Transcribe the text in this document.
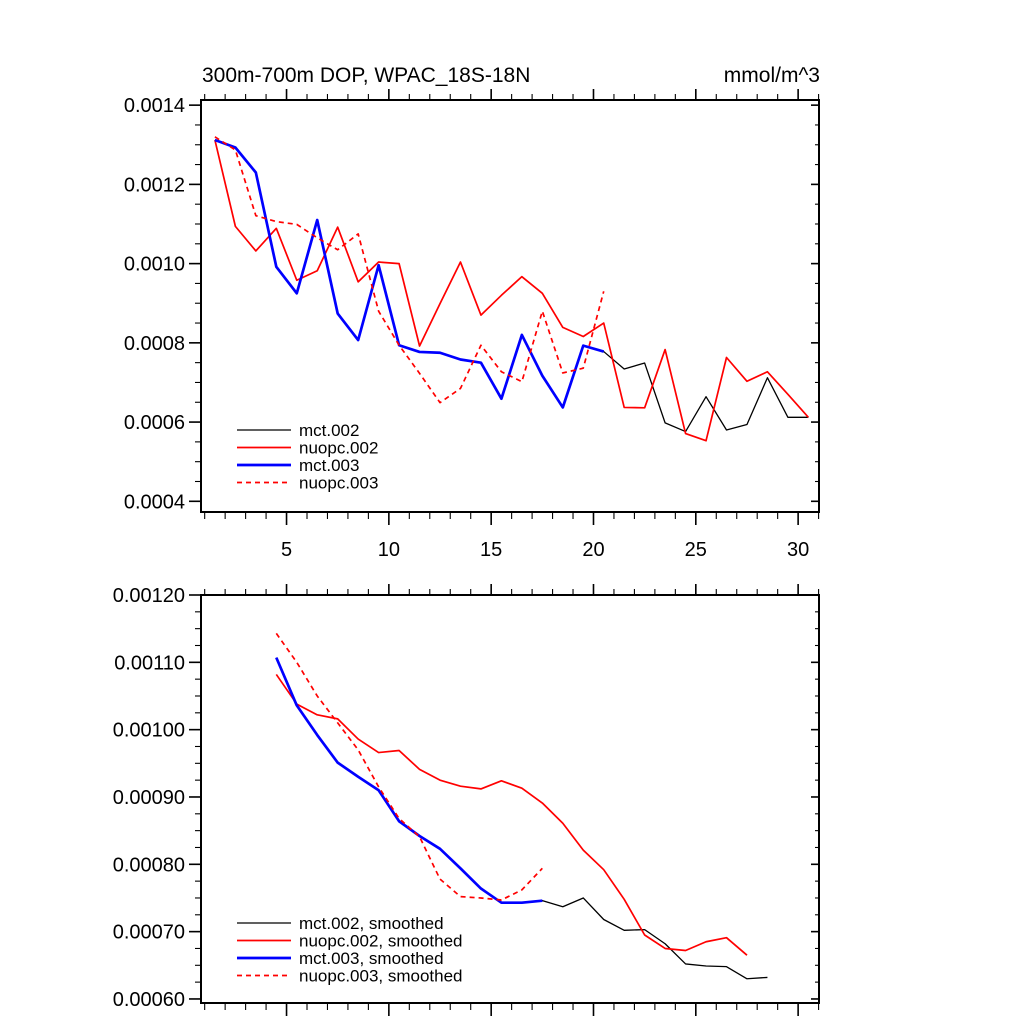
300m-700m DOP, WPAC_18S-18N	mmol/m^3
5	10	15	20	25	30
0.0004
0.0006
0.0008
0.0010
0.0012
0.0014
mct.002
nuopc.002
mct.003
nuopc.003
0.00060
0.00070
0.00080
0.00090
0.00100
0.00110
0.00120
mct.002, smoothed
nuopc.002, smoothed
mct.003, smoothed
nuopc.003, smoothed
